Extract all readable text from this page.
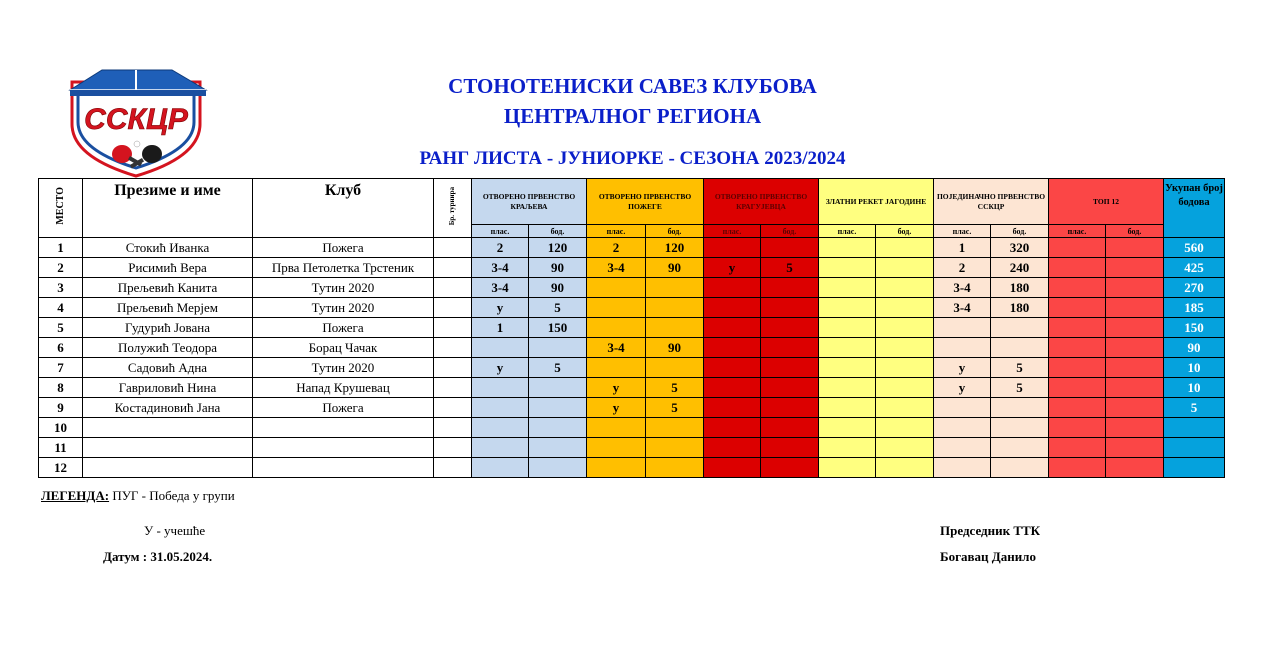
ССКЦР
СТОНОТЕНИСКИ САВЕЗ КЛУБОВА
ЦЕНТРАЛНОГ РЕГИОНА
РАНГ ЛИСТА - ЈУНИОРКЕ - СЕЗОНА 2023/2024
МЕСТО	Презиме и име	Клуб	Бр. турнира	ОТВОРЕНО ПРВЕНСТВО КРАЉЕВА		ОТВОРЕНО ПРВЕНСТВО ПОЖЕГЕ		ОТВОРЕНО ПРВЕНСТВО КРАГУЈЕВЦА		ЗЛАТНИ РЕКЕТ ЈАГОДИНЕ		ПОЈЕДИНАЧНО ПРВЕНСТВО ССКЦР		ТОП 12		Укупан број бодова
				плас.	бод.	плас.	бод.	плас.	бод.	плас.	бод.	плас.	бод.	плас.	бод.	
1	Стокић Иванка	Пожега		2	120	2	120					1	320			560
2	Рисимић Вера	Прва Петолетка Трстеник		3-4	90	3-4	90	у	5			2	240			425
3	Прељевић Канита	Тутин 2020		3-4	90							3-4	180			270
4	Прељевић Мерјем	Тутин 2020		у	5							3-4	180			185
5	Гудурић Јована	Пожега		1	150											150
6	Полужић Теодора	Борац Чачак				3-4	90									90
7	Садовић Адна	Тутин 2020		у	5							у	5			10
8	Гавриловић Нина	Напад Крушевац				у	5					у	5			10
9	Костадиновић Јана	Пожега				у	5									5
10																
11																
12																
ЛЕГЕНДА: ПУГ - Победа у групи
У - учешће
Датум : 31.05.2024.
Председник ТТК
Богавац Данило
